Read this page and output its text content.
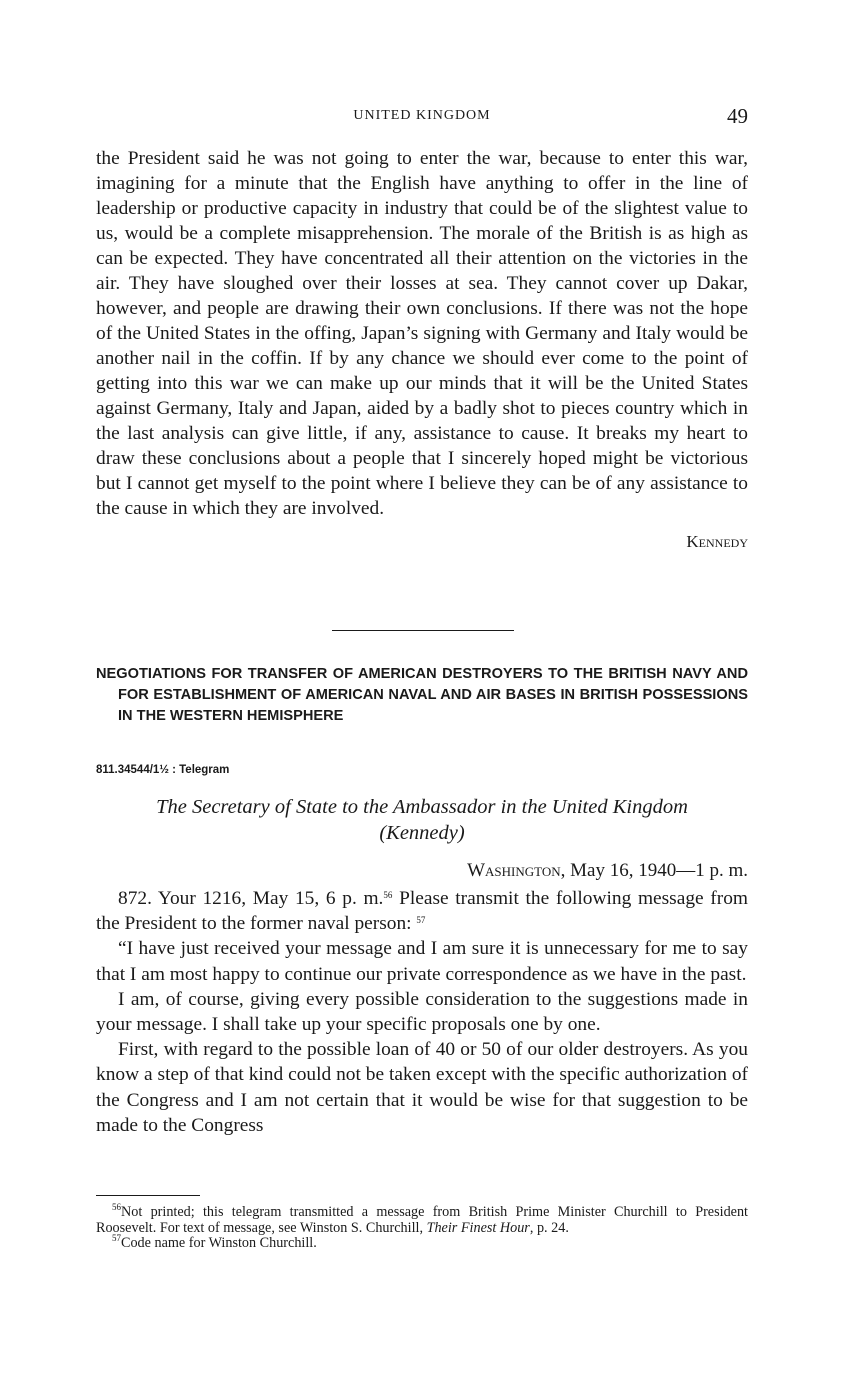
UNITED KINGDOM	49

the President said he was not going to enter the war, because to enter this war, imagining for a minute that the English have anything to offer in the line of leadership or productive capacity in industry that could be of the slightest value to us, would be a complete misapprehension. The morale of the British is as high as can be expected. They have concentrated all their attention on the victories in the air. They have sloughed over their losses at sea. They cannot cover up Dakar, however, and people are drawing their own conclusions. If there was not the hope of the United States in the offing, Japan’s signing with Germany and Italy would be another nail in the coffin. If by any chance we should ever come to the point of getting into this war we can make up our minds that it will be the United States against Germany, Italy and Japan, aided by a badly shot to pieces country which in the last analysis can give little, if any, assistance to cause. It breaks my heart to draw these conclusions about a people that I sincerely hoped might be victorious but I cannot get myself to the point where I believe they can be of any assistance to the cause in which they are involved.

Kennedy
NEGOTIATIONS FOR TRANSFER OF AMERICAN DESTROYERS TO THE BRITISH NAVY AND FOR ESTABLISHMENT OF AMERICAN NAVAL AND AIR BASES IN BRITISH POSSESSIONS IN THE WESTERN HEMISPHERE
811.34544/1½ : Telegram
The Secretary of State to the Ambassador in the United Kingdom
(Kennedy)
Washington, May 16, 1940—1 p. m.

872. Your 1216, May 15, 6 p. m.$^{56}$ Please transmit the following message from the President to the former naval person: $^{57}$

“I have just received your message and I am sure it is unnecessary for me to say that I am most happy to continue our private correspondence as we have in the past.

I am, of course, giving every possible consideration to the suggestions made in your message. I shall take up your specific proposals one by one.

First, with regard to the possible loan of 40 or 50 of our older destroyers. As you know a step of that kind could not be taken except with the specific authorization of the Congress and I am not certain that it would be wise for that suggestion to be made to the Congress

$^{56}$Not printed; this telegram transmitted a message from British Prime Minister Churchill to President Roosevelt. For text of message, see Winston S. Churchill, Their Finest Hour, p. 24.

$^{57}$Code name for Winston Churchill.
